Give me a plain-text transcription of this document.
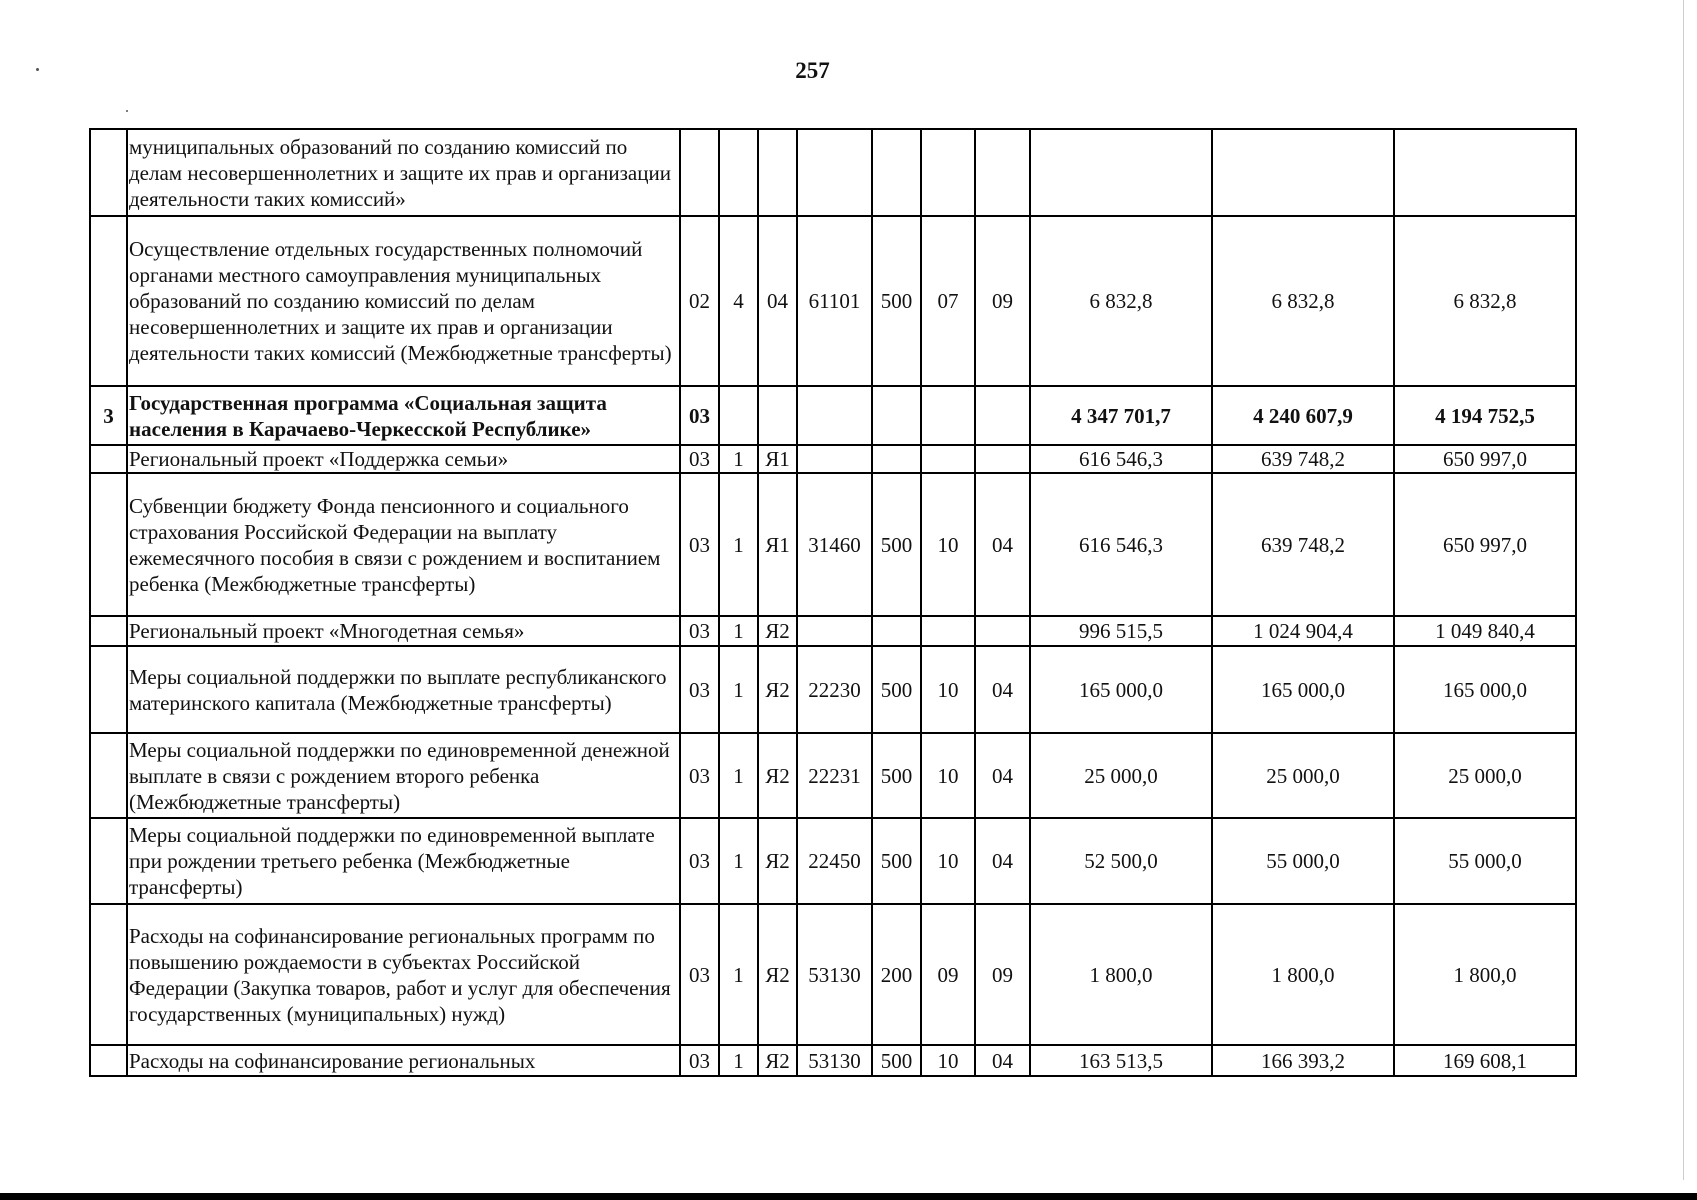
257
	муниципальных образований по созданию комиссий по делам несовершеннолетних и защите их прав и организации деятельности таких комиссий»										
	Осуществление отдельных государственных полномочий органами местного самоуправления муниципальных образований по созданию комиссий по делам несовершеннолетних и защите их прав и организации деятельности таких комиссий (Межбюджетные трансферты)	02	4	04	61101	500	07	09	6 832,8	6 832,8	6 832,8
3	Государственная программа «Социальная защита населения в Карачаево-Черкесской Республике»	03							4 347 701,7	4 240 607,9	4 194 752,5
	Региональный проект «Поддержка семьи»	03	1	Я1					616 546,3	639 748,2	650 997,0
	Субвенции бюджету Фонда пенсионного и социального страхования Российской Федерации на выплату ежемесячного пособия в связи с рождением и воспитанием ребенка (Межбюджетные трансферты)	03	1	Я1	31460	500	10	04	616 546,3	639 748,2	650 997,0
	Региональный проект «Многодетная семья»	03	1	Я2					996 515,5	1 024 904,4	1 049 840,4
	Меры социальной поддержки по выплате республиканского материнского капитала (Межбюджетные трансферты)	03	1	Я2	22230	500	10	04	165 000,0	165 000,0	165 000,0
	Меры социальной поддержки по единовременной денежной выплате в связи с рождением второго ребенка (Межбюджетные трансферты)	03	1	Я2	22231	500	10	04	25 000,0	25 000,0	25 000,0
	Меры социальной поддержки по единовременной выплате при рождении третьего ребенка (Межбюджетные трансферты)	03	1	Я2	22450	500	10	04	52 500,0	55 000,0	55 000,0
	Расходы на софинансирование региональных программ по повышению рождаемости в субъектах Российской Федерации (Закупка товаров, работ и услуг для обеспечения государственных (муниципальных) нужд)	03	1	Я2	53130	200	09	09	1 800,0	1 800,0	1 800,0
	Расходы на софинансирование региональных	03	1	Я2	53130	500	10	04	163 513,5	166 393,2	169 608,1
